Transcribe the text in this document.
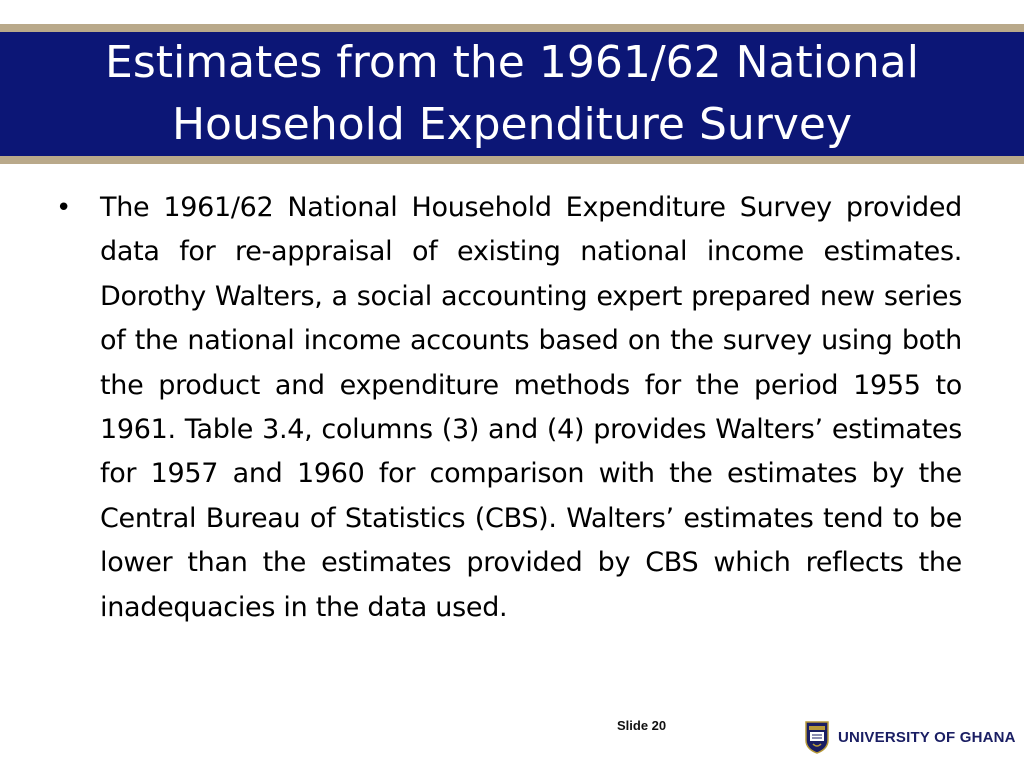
Estimates from the 1961/62 National
Household Expenditure Survey
•	The 1961/62 National Household Expenditure Survey provided data for re-appraisal of existing national income estimates. Dorothy Walters, a social accounting expert prepared new series of the national income accounts based on the survey using both the product and expenditure methods for the period 1955 to 1961. Table 3.4, columns (3) and (4) provides Walters’ estimates for 1957 and 1960 for comparison with the estimates by the Central Bureau of Statistics (CBS). Walters’ estimates tend to be lower than the estimates provided by CBS which reflects the inadequacies in the data used.

Slide 20
UNIVERSITY OF GHANA
